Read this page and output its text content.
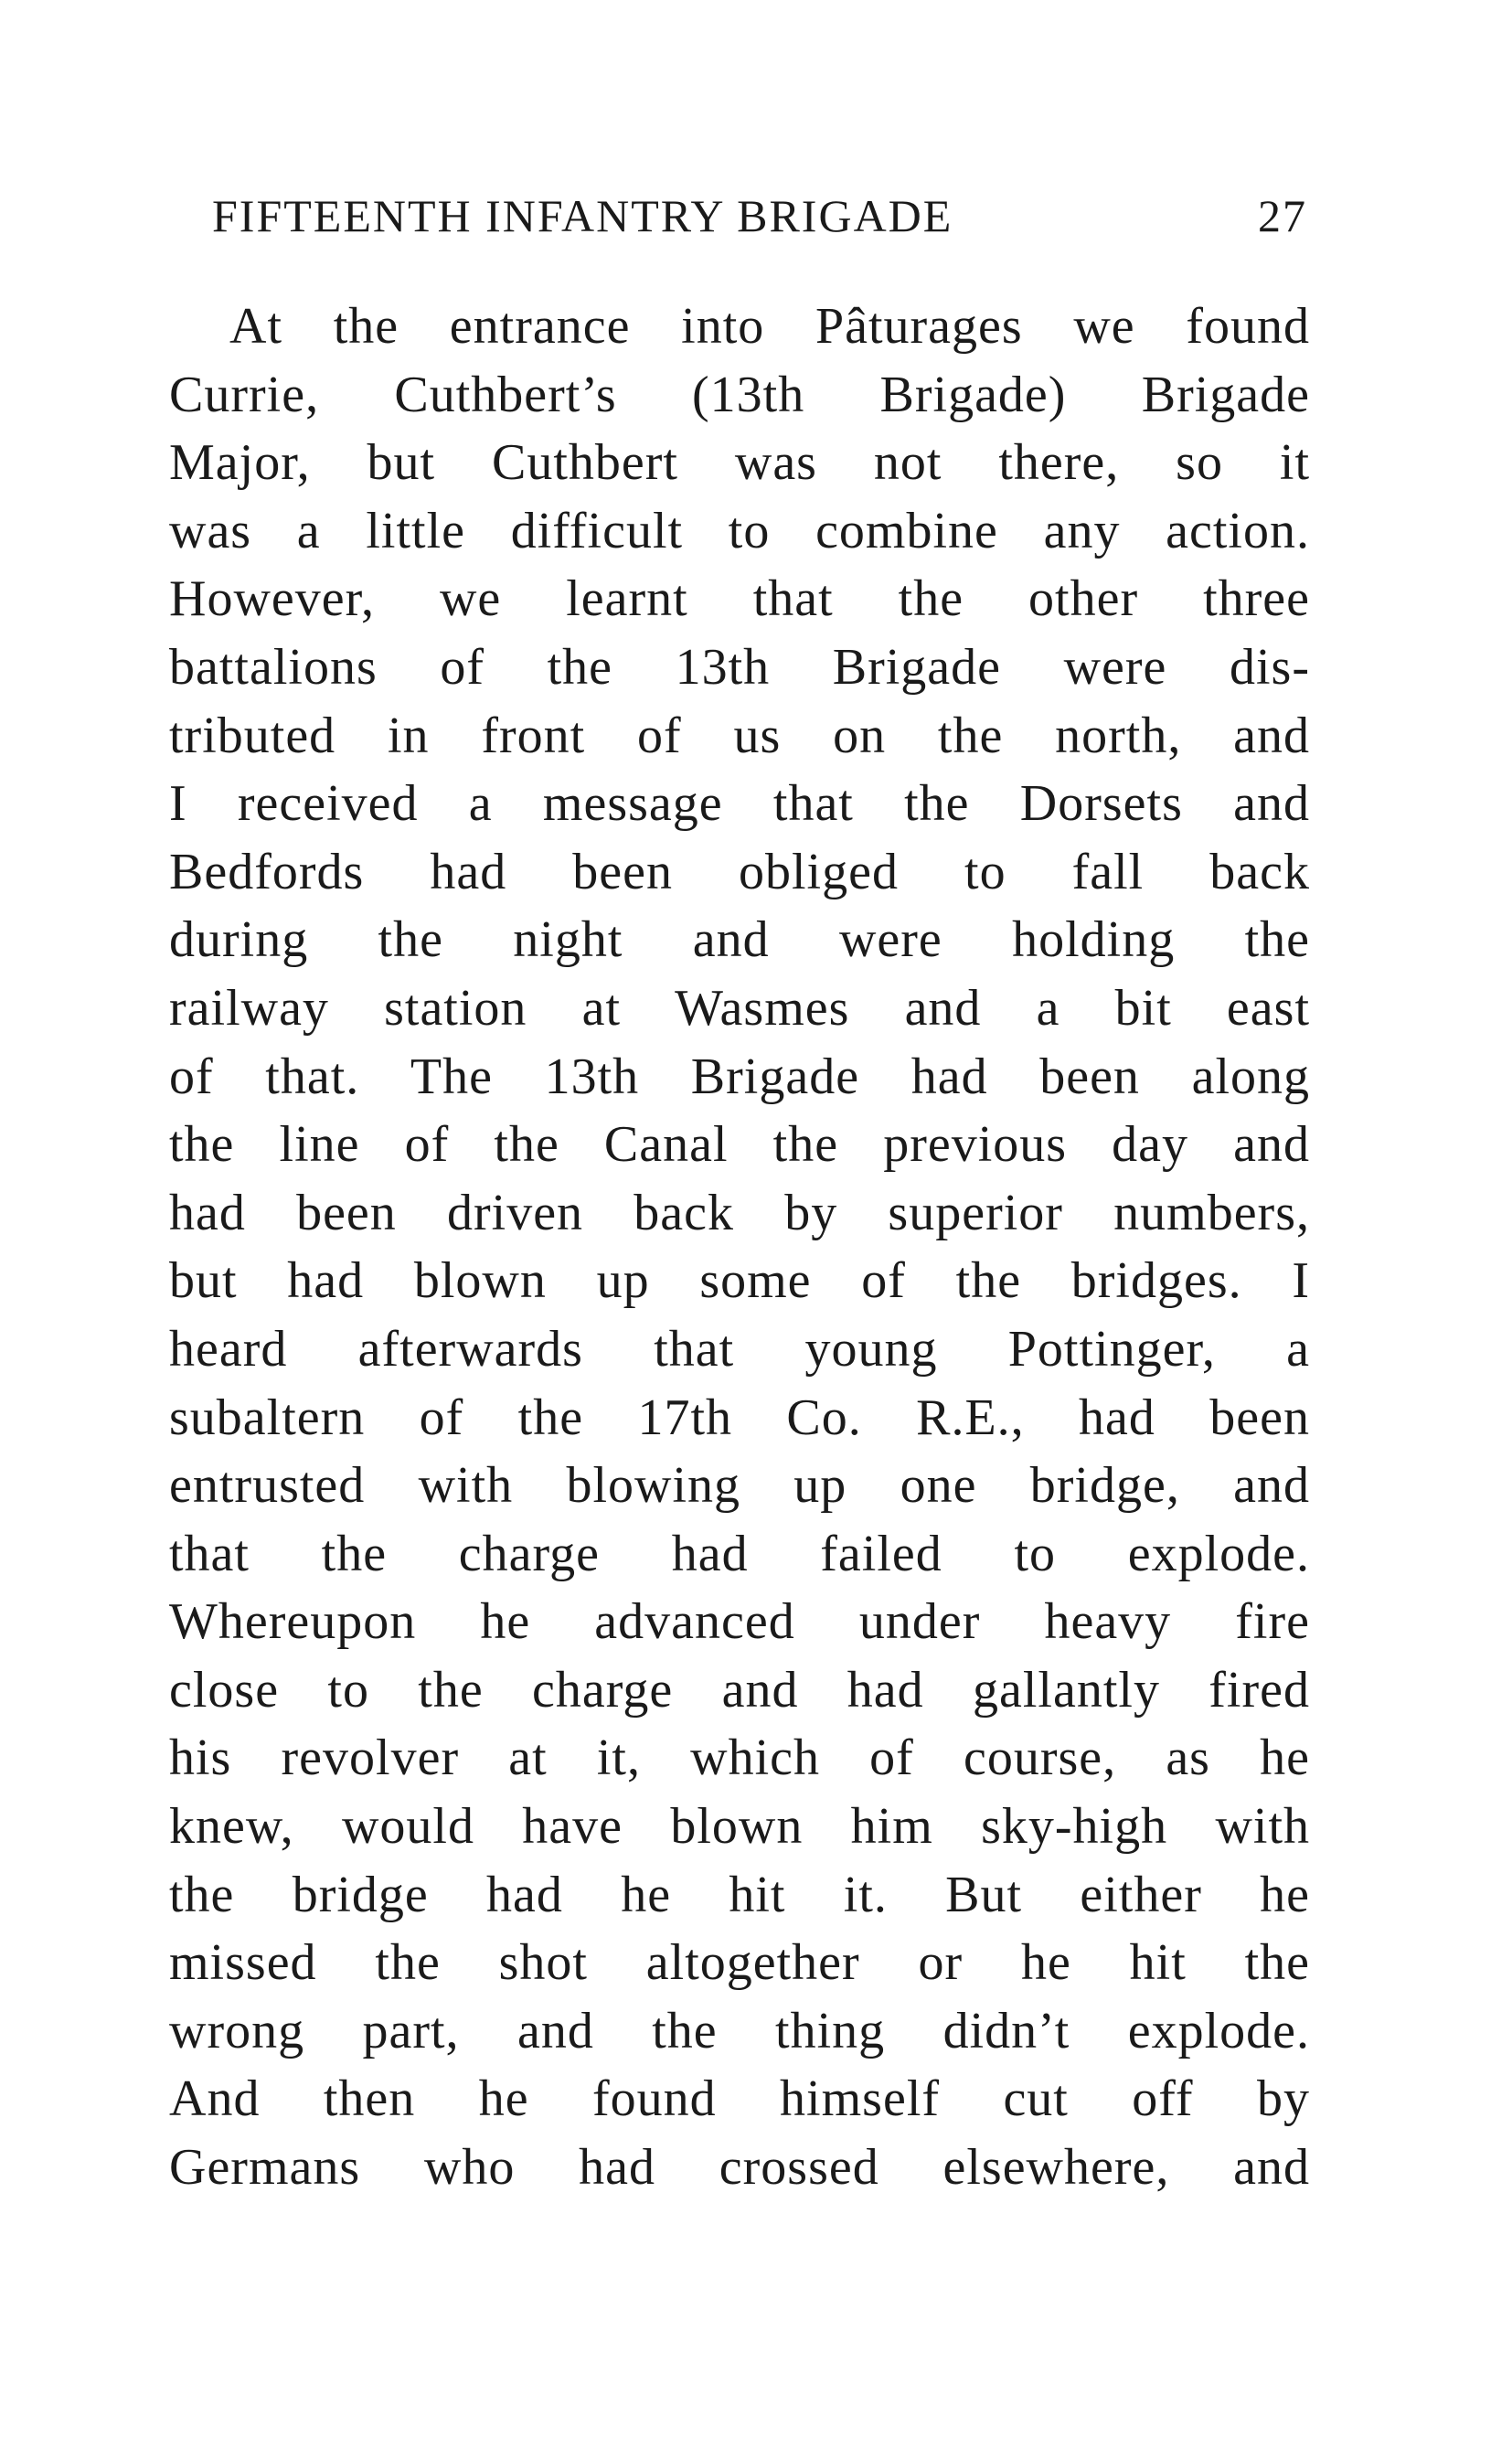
FIFTEENTH INFANTRY BRIGADE	27
At the entrance into Pâturages we found
Currie, Cuthbert’s (13th Brigade) Brigade
Major, but Cuthbert was not there, so it
was a little difficult to combine any action.
However, we learnt that the other three
battalions of the 13th Brigade were dis-
tributed in front of us on the north, and
I received a message that the Dorsets and
Bedfords had been obliged to fall back
during the night and were holding the
railway station at Wasmes and a bit east
of that. The 13th Brigade had been along
the line of the Canal the previous day and
had been driven back by superior numbers,
but had blown up some of the bridges. I
heard afterwards that young Pottinger, a
subaltern of the 17th Co. R.E., had been
entrusted with blowing up one bridge, and
that the charge had failed to explode.
Whereupon he advanced under heavy fire
close to the charge and had gallantly fired
his revolver at it, which of course, as he
knew, would have blown him sky-high with
the bridge had he hit it. But either he
missed the shot altogether or he hit the
wrong part, and the thing didn’t explode.
And then he found himself cut off by
Germans who had crossed elsewhere, and
